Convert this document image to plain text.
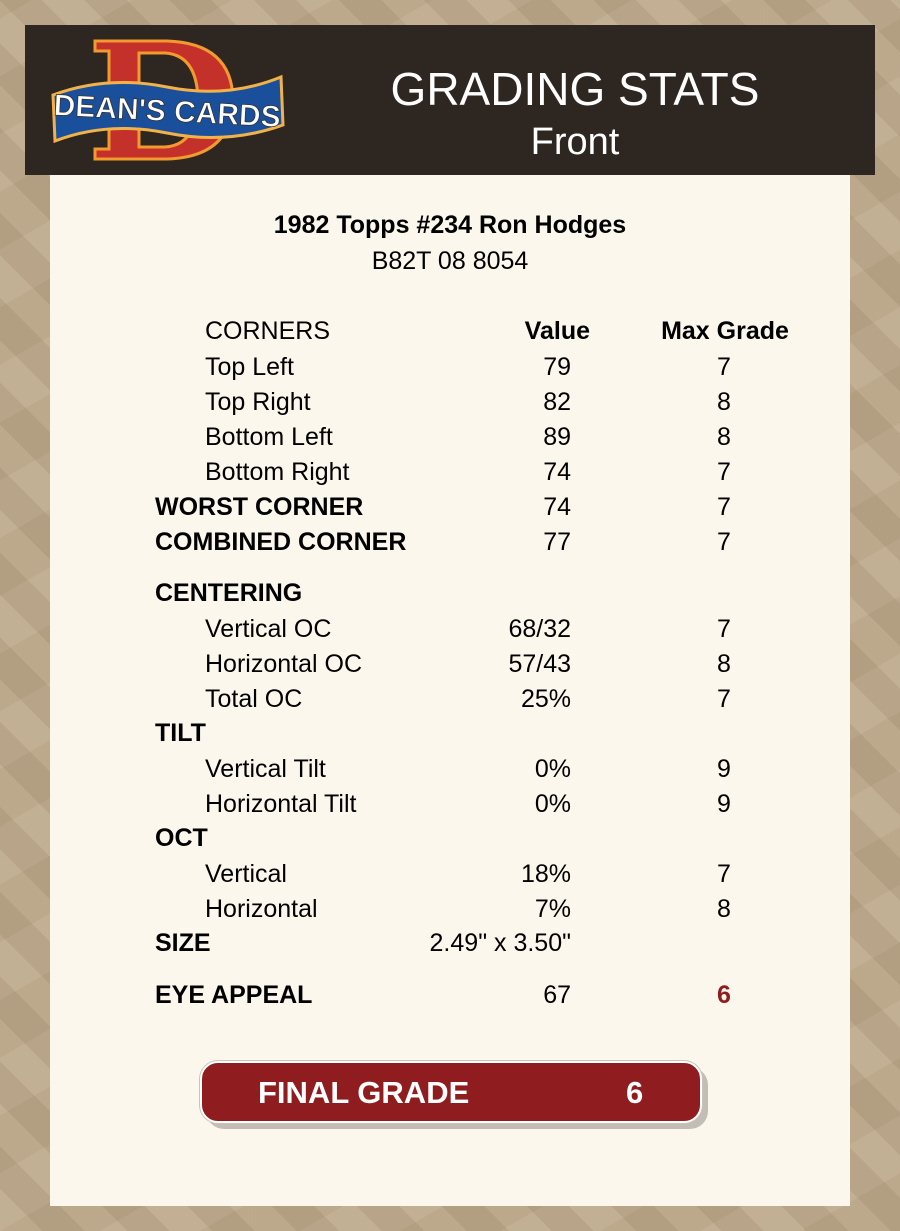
DEAN'S CARDS	GRADING STATS
Front
1982 Topps #234 Ron Hodges
B82T 08 8054
CORNERS	Value	Max Grade
Top Left	79	7
Top Right	82	8
Bottom Left	89	8
Bottom Right	74	7
WORST CORNER	74	7
COMBINED CORNER	77	7
CENTERING
Vertical OC	68/32	7
Horizontal OC	57/43	8
Total OC	25%	7
TILT
Vertical Tilt	0%	9
Horizontal Tilt	0%	9
OCT
Vertical	18%	7
Horizontal	7%	8
SIZE	2.49" x 3.50"
EYE APPEAL	67	6
FINAL GRADE	6
